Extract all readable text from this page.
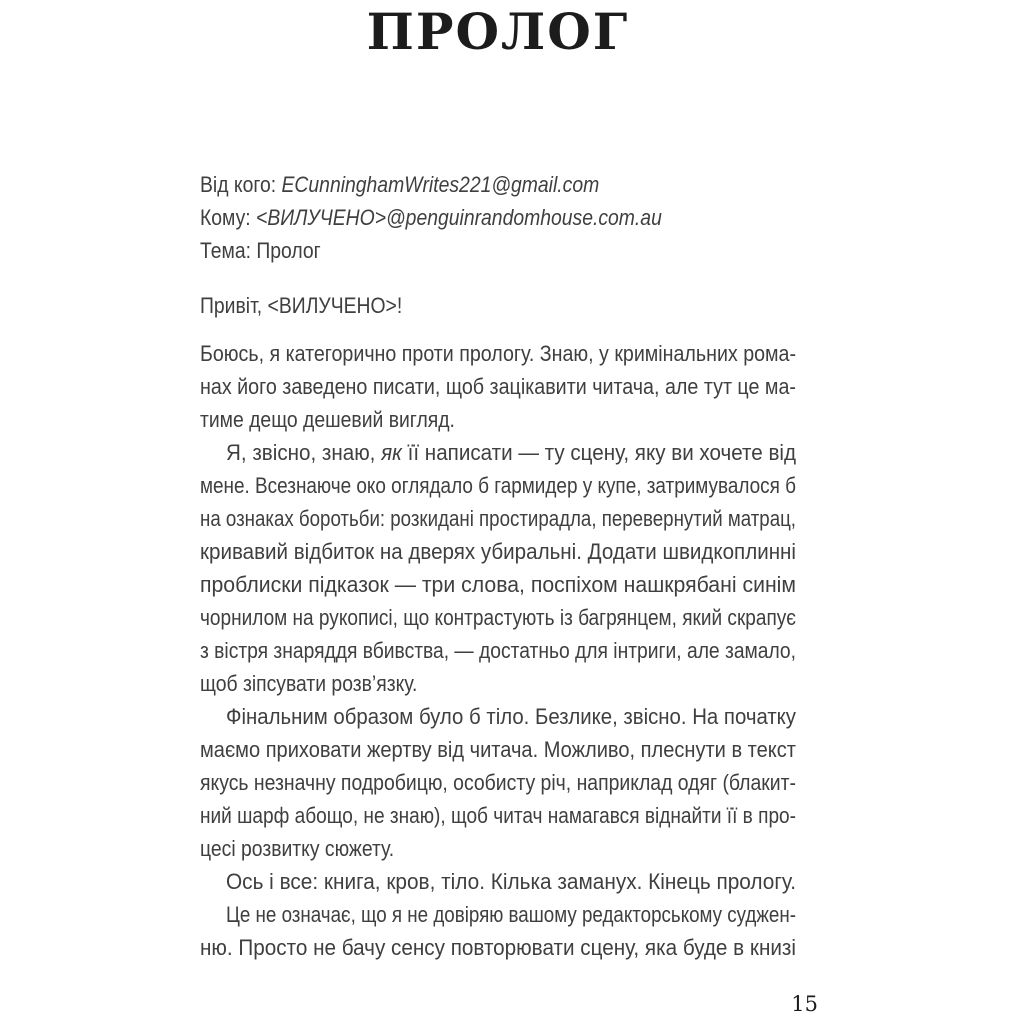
ПРОЛОГ
Від кого: ECunninghamWrites221@gmail.com
Кому: <ВИЛУЧЕНО>@penguinrandomhouse.com.au
Тема: Пролог
Привіт, <ВИЛУЧЕНО>!
Боюсь, я категорично проти прологу. Знаю, у кримінальних рома-
нах його заведено писати, щоб зацікавити читача, але тут це ма-
тиме дещо дешевий вигляд.
Я, звісно, знаю, як її написати — ту сцену, яку ви хочете від
мене. Всезнаюче око оглядало б гармидер у купе, затримувалося б
на ознаках боротьби: розкидані простирадла, перевернутий матрац,
кривавий відбиток на дверях убиральні. Додати швидкоплинні
проблиски підказок — три слова, поспіхом нашкрябані синім
чорнилом на рукописі, що контрастують із багрянцем, який скрапує
з вістря знаряддя вбивства, — достатньо для інтриги, але замало,
щоб зіпсувати розв’язку.
Фінальним образом було б тіло. Безлике, звісно. На початку
маємо приховати жертву від читача. Можливо, плеснути в текст
якусь незначну подробицю, особисту річ, наприклад одяг (блакит-
ний шарф абощо, не знаю), щоб читач намагався віднайти її в про-
цесі розвитку сюжету.
Ось і все: книга, кров, тіло. Кілька заманух. Кінець прологу.
Це не означає, що я не довіряю вашому редакторському суджен-
ню. Просто не бачу сенсу повторювати сцену, яка буде в книзі
15
